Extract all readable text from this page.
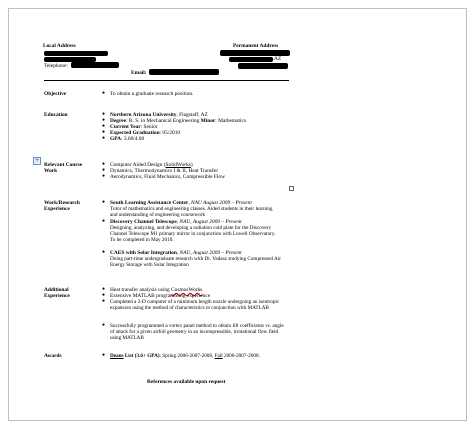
Local Address	Permanent Address
Telephone:
AZ
Email:
Objective	● To obtain a graduate research position.
Education	● Northern Arizona University, Flagstaff, AZ
● Degree: B. S. in Mechanical Engineering Minor: Mathematics
● Current Year: Senior
● Expected Graduation: 05/2010
● GPA: 3.60/4.00
+
Relevant Course
Work
● Computer Aided Design (SolidWorks)
● Dynamics, Thermodynamics I & II, Heat Transfer
● Aerodynamics, Fluid Mechanics, Compressible Flow
Work/Research
Experience
● South Learning Assistance Center, NAU August 2009 – Present
Tutor of mathematics and engineering classes. Aided students in their learning and understanding of engineering coursework
● Discovery Channel Telescope, NAU, August 2009 – Present
Designing, analyzing, and developing a radiation cold plate for the Discovery Channel Telescope M1 primary mirror in conjunction with Lowell Observatory. To be completed in May 2010.
● CAES with Solar Integration, NAU, August 2009 – Present
Doing part-time undergraduate research with Dr. Vadasz studying Compressed Air Energy Storage with Solar Integration
Additional
Experience
● Heat transfer analysis using CosmosWorks
● Extensive MATLAB programming experience
● Completed a 2-D computer of a minimum length nozzle undergoing an isentropic expansion using the method of characteristics in conjunction with MATLAB
● Successfully programmed a vortex panel method to obtain lift coefficients vs. angle of attack for a given airfoil geometry in an incompressible, irrotational flow field using MATLAB
Awards	● Deans List (3.6+ GPA): Spring 2006-2007-2008, Fall 2006-2007-2008.
References available upon request
